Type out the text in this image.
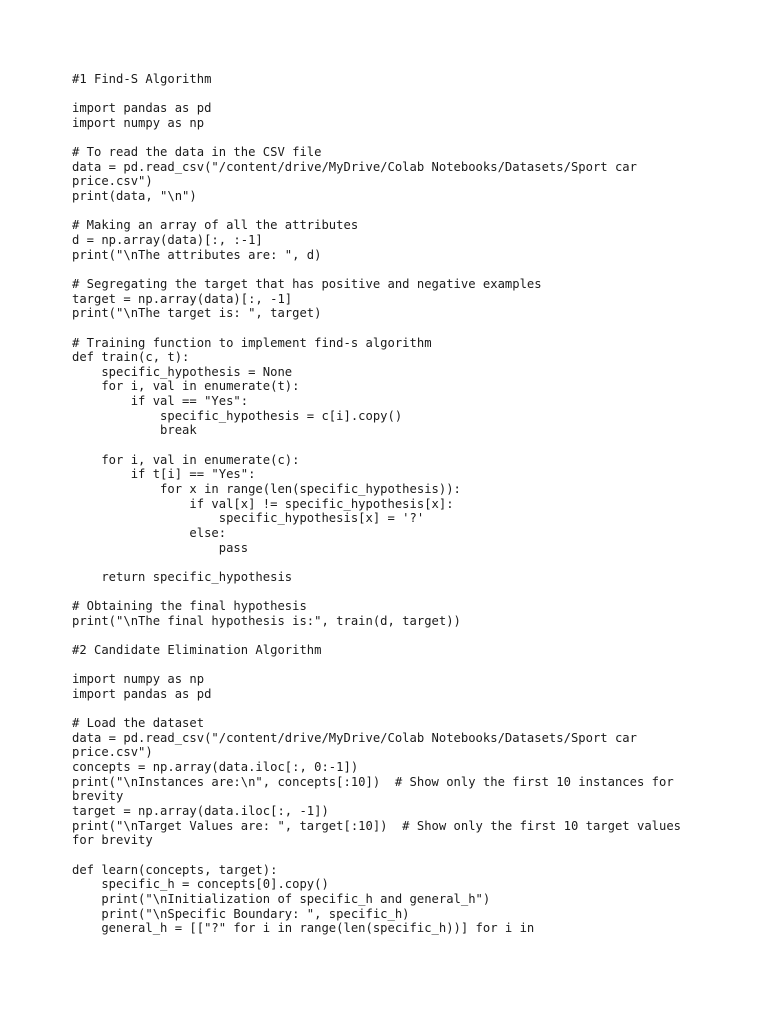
#1 Find-S Algorithm
import pandas as pd
import numpy as np
# To read the data in the CSV file
data = pd.read_csv("/content/drive/MyDrive/Colab Notebooks/Datasets/Sport car
price.csv")
print(data, "\n")
# Making an array of all the attributes
d = np.array(data)[:, :-1]
print("\nThe attributes are: ", d)
# Segregating the target that has positive and negative examples
target = np.array(data)[:, -1]
print("\nThe target is: ", target)
# Training function to implement find-s algorithm
def train(c, t):
specific_hypothesis = None
for i, val in enumerate(t):
if val == "Yes":
specific_hypothesis = c[i].copy()
break
for i, val in enumerate(c):
if t[i] == "Yes":
for x in range(len(specific_hypothesis)):
if val[x] != specific_hypothesis[x]:
specific_hypothesis[x] = '?'
else:
pass
return specific_hypothesis
# Obtaining the final hypothesis
print("\nThe final hypothesis is:", train(d, target))
#2 Candidate Elimination Algorithm
import numpy as np
import pandas as pd
# Load the dataset
data = pd.read_csv("/content/drive/MyDrive/Colab Notebooks/Datasets/Sport car
price.csv")
concepts = np.array(data.iloc[:, 0:-1])
print("\nInstances are:\n", concepts[:10])  # Show only the first 10 instances for
brevity
target = np.array(data.iloc[:, -1])
print("\nTarget Values are: ", target[:10])  # Show only the first 10 target values
for brevity
def learn(concepts, target):
specific_h = concepts[0].copy()
print("\nInitialization of specific_h and general_h")
print("\nSpecific Boundary: ", specific_h)
general_h = [["?" for i in range(len(specific_h))] for i in
